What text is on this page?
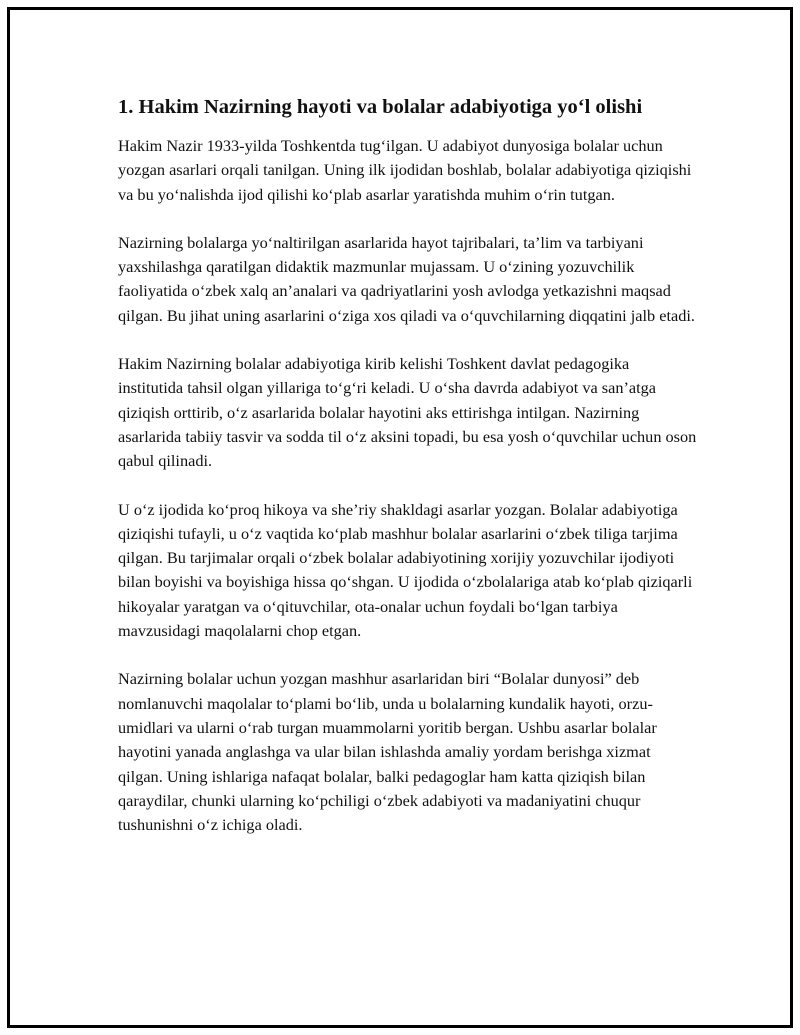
1. Hakim Nazirning hayoti va bolalar adabiyotiga yo‘l olishi

Hakim Nazir 1933-yilda Toshkentda tug‘ilgan. U adabiyot dunyosiga bolalar uchun yozgan asarlari orqali tanilgan. Uning ilk ijodidan boshlab, bolalar adabiyotiga qiziqishi va bu yo‘nalishda ijod qilishi ko‘plab asarlar yaratishda muhim o‘rin tutgan.

Nazirning bolalarga yo‘naltirilgan asarlarida hayot tajribalari, ta’lim va tarbiyani yaxshilashga qaratilgan didaktik mazmunlar mujassam. U o‘zining yozuvchilik faoliyatida o‘zbek xalq an’analari va qadriyatlarini yosh avlodga yetkazishni maqsad qilgan. Bu jihat uning asarlarini o‘ziga xos qiladi va o‘quvchilarning diqqatini jalb etadi.

Hakim Nazirning bolalar adabiyotiga kirib kelishi Toshkent davlat pedagogika institutida tahsil olgan yillariga to‘g‘ri keladi. U o‘sha davrda adabiyot va san’atga qiziqish orttirib, o‘z asarlarida bolalar hayotini aks ettirishga intilgan. Nazirning asarlarida tabiiy tasvir va sodda til o‘z aksini topadi, bu esa yosh o‘quvchilar uchun oson qabul qilinadi.

U o‘z ijodida ko‘proq hikoya va she’riy shakldagi asarlar yozgan. Bolalar adabiyotiga qiziqishi tufayli, u o‘z vaqtida ko‘plab mashhur bolalar asarlarini o‘zbek tiliga tarjima qilgan. Bu tarjimalar orqali o‘zbek bolalar adabiyotining xorijiy yozuvchilar ijodiyoti bilan boyishi va boyishiga hissa qo‘shgan. U ijodida o‘zbolalariga atab ko‘plab qiziqarli hikoyalar yaratgan va o‘qituvchilar, ota-onalar uchun foydali bo‘lgan tarbiya mavzusidagi maqolalarni chop etgan.

Nazirning bolalar uchun yozgan mashhur asarlaridan biri “Bolalar dunyosi” deb nomlanuvchi maqolalar to‘plami bo‘lib, unda u bolalarning kundalik hayoti, orzu-umidlari va ularni o‘rab turgan muammolarni yoritib bergan. Ushbu asarlar bolalar hayotini yanada anglashga va ular bilan ishlashda amaliy yordam berishga xizmat qilgan. Uning ishlariga nafaqat bolalar, balki pedagoglar ham katta qiziqish bilan qaraydilar, chunki ularning ko‘pchiligi o‘zbek adabiyoti va madaniyatini chuqur tushunishni o‘z ichiga oladi.
